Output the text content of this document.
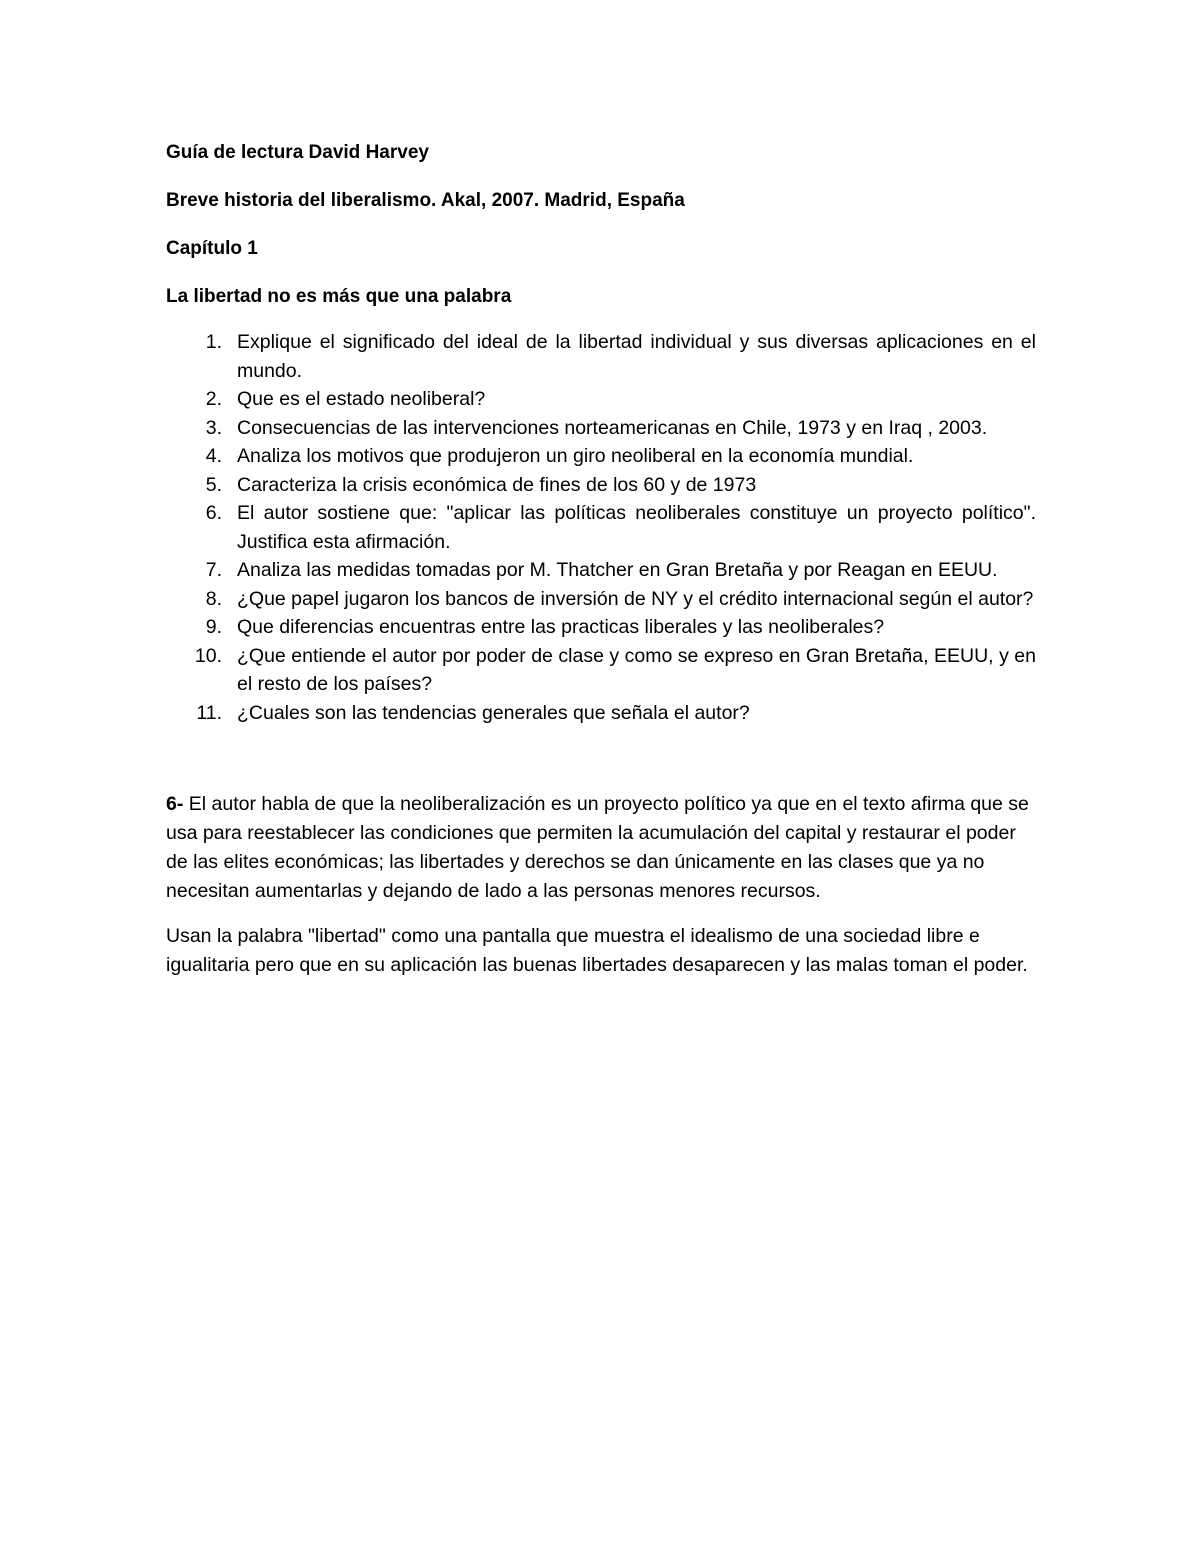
Guía de lectura David Harvey
Breve historia del liberalismo. Akal, 2007. Madrid, España
Capítulo 1
La libertad no es más que una palabra
1. Explique el significado del ideal de la libertad individual y sus diversas aplicaciones en el mundo.
2. Que es el estado neoliberal?
3. Consecuencias de las intervenciones norteamericanas en Chile, 1973 y en Iraq , 2003.
4. Analiza los motivos que produjeron un giro neoliberal en la economía mundial.
5. Caracteriza la crisis económica de fines de los 60 y de 1973
6. El autor sostiene que: "aplicar las políticas neoliberales constituye un proyecto político". Justifica esta afirmación.
7. Analiza las medidas tomadas por M. Thatcher en Gran Bretaña y por Reagan en EEUU.
8. ¿Que papel jugaron los bancos de inversión de NY y el crédito internacional según el autor?
9. Que diferencias encuentras entre las practicas liberales y las neoliberales?
10. ¿Que entiende el autor por poder de clase y como se expreso en Gran Bretaña, EEUU, y en el resto de los países?
11. ¿Cuales son las tendencias generales que señala el autor?

6- El autor habla de que la neoliberalización es un proyecto político ya que en el texto afirma que se usa para reestablecer las condiciones que permiten la acumulación del capital y restaurar el poder de las elites económicas; las libertades y derechos se dan únicamente en las clases que ya no necesitan aumentarlas y dejando de lado a las personas menores recursos.

Usan la palabra "libertad" como una pantalla que muestra el idealismo de una sociedad libre e igualitaria pero que en su aplicación las buenas libertades desaparecen y las malas toman el poder.
